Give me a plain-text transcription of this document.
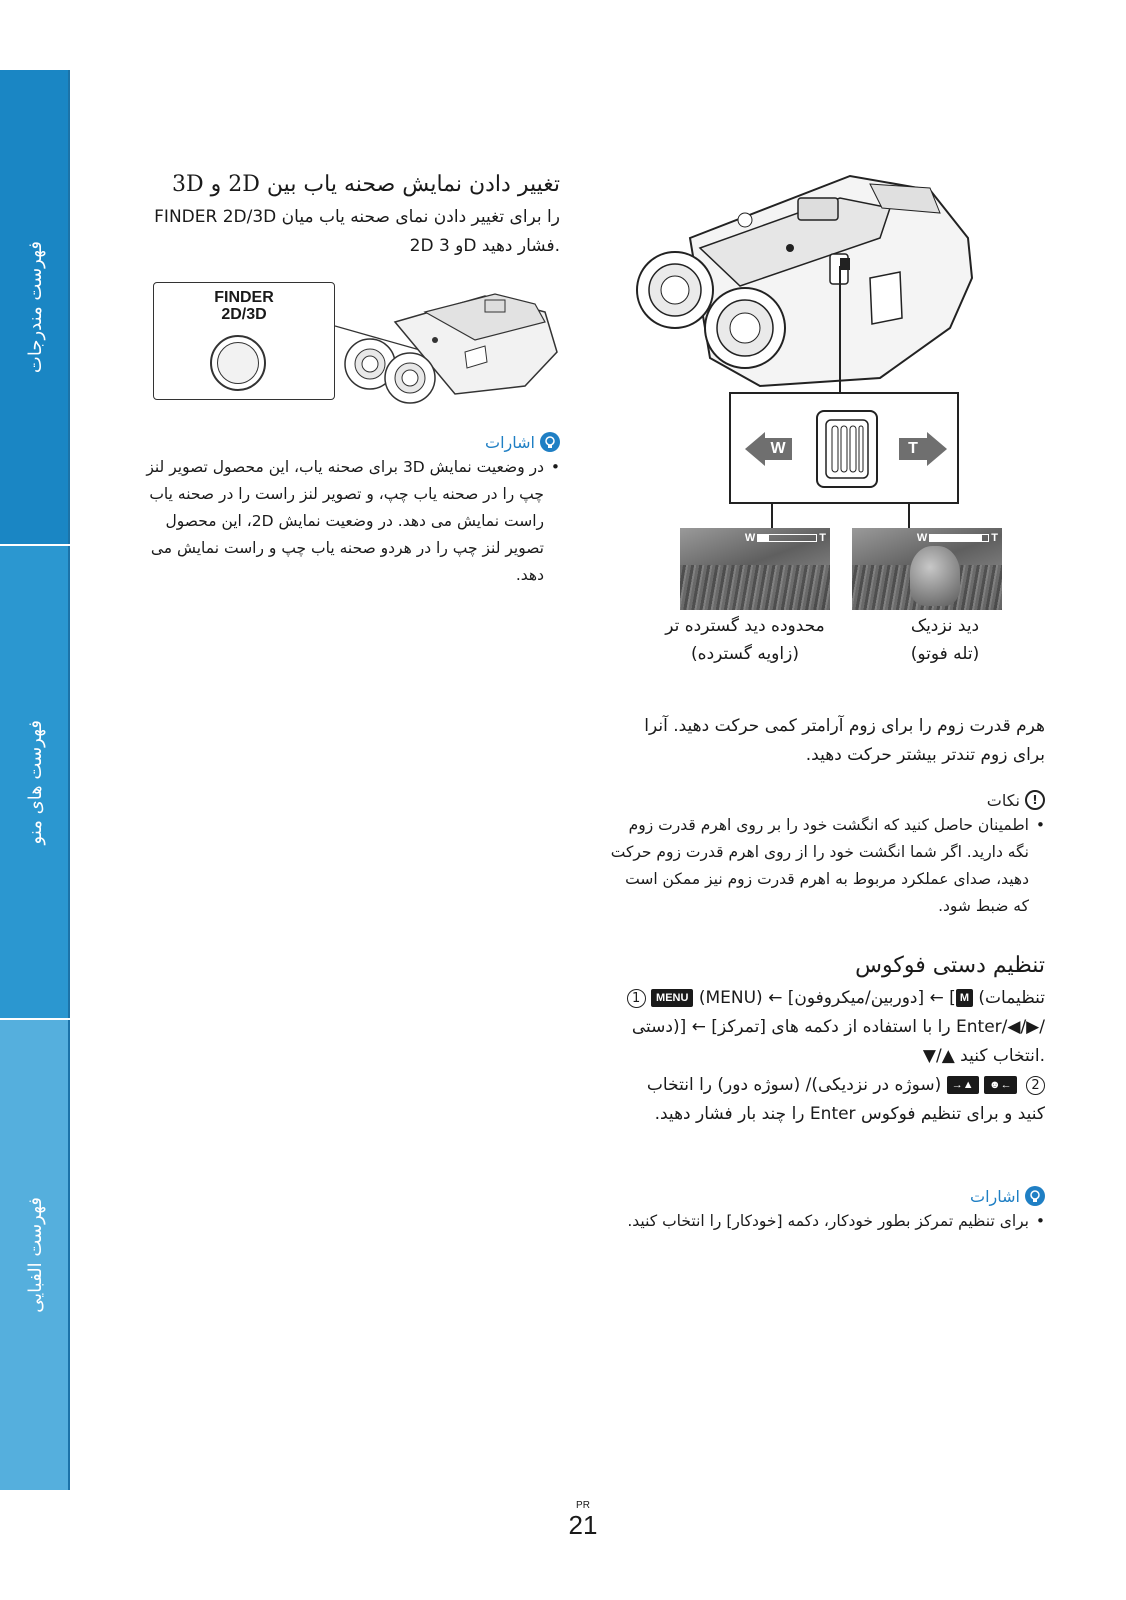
فهرست مندرجات
فهرست های منو
فهرست الفبایی
تغییر دادن نمایش صحنه یاب بین 2D و 3D

FINDER 2D/3D را برای تغییر دادن نمای صحنه یاب میان 2D و 3D فشار دهید.

FINDER
2D/3D
اشارات
• در وضعیت نمایش 3D برای صحنه یاب، این محصول تصویر لنز چپ را در صحنه یاب چپ، و تصویر لنز راست را در صحنه یاب راست نمایش می دهد. در وضعیت نمایش 2D، این محصول تصویر لنز چپ را در هردو صحنه یاب چپ و راست نمایش می دهد.
W	T
W	T	W	T
محدوده دید گسترده تر
(زاویه گسترده)
دید نزدیک
(تله فوتو)
هرم قدرت زوم را برای زوم آرامتر کمی حرکت دهید. آنرا برای زوم تندتر بیشتر حرکت دهید.
!
نکات
• اطمینان حاصل کنید که انگشت خود را بر روی اهرم قدرت زوم نگه دارید. اگر شما انگشت خود را از روی اهرم قدرت زوم حرکت دهید، صدای عملکرد مربوط به اهرم قدرت زوم نیز ممکن است که ضبط شود.
تنظیم دستی فوکوس
1 MENU (MENU) ← [دوربین/میکروفون] ← [ M (تنظیمات دستی)] ← [تمرکز] را با استفاده از دکمه های Enter/◀/▶/▼/▲ انتخاب کنید.
2 ☻← →▲ (سوژه در نزدیکی)/ (سوژه دور) را انتخاب کنید و برای تنظیم فوکوس Enter را چند بار فشار دهید.
اشارات
• برای تنظیم تمرکز بطور خودکار، دکمه [خودکار] را انتخاب کنید.
PR
21
